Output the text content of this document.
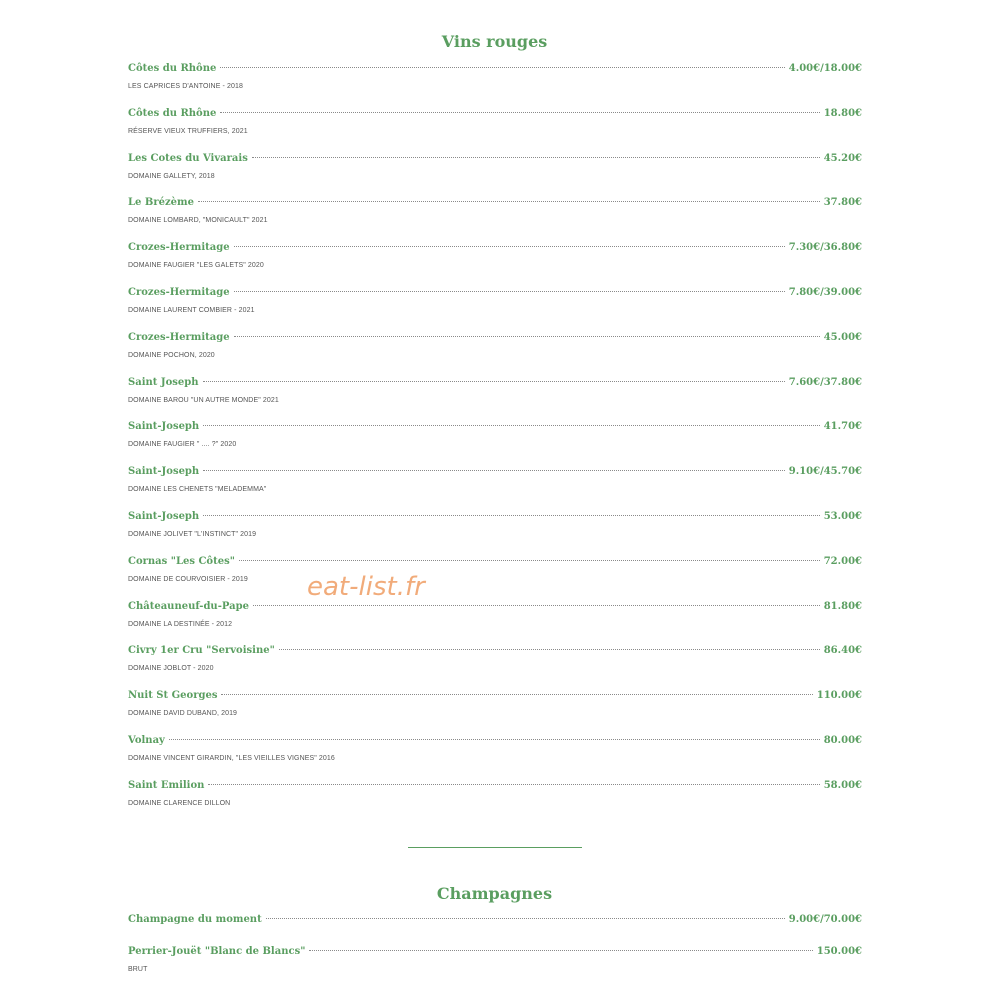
Vins rouges
Côtes du Rhône	4.00€/18.00€
LES CAPRICES D'ANTOINE - 2018
Côtes du Rhône	18.80€
RÉSERVE VIEUX TRUFFIERS, 2021
Les Cotes du Vivarais	45.20€
DOMAINE GALLETY, 2018
Le Brézème	37.80€
DOMAINE LOMBARD, "MONICAULT" 2021
Crozes-Hermitage	7.30€/36.80€
DOMAINE FAUGIER "LES GALETS" 2020
Crozes-Hermitage	7.80€/39.00€
DOMAINE LAURENT COMBIER - 2021
Crozes-Hermitage	45.00€
DOMAINE POCHON, 2020
Saint Joseph	7.60€/37.80€
DOMAINE BAROU "UN AUTRE MONDE" 2021
Saint-Joseph	41.70€
DOMAINE FAUGIER " .... ?" 2020
Saint-Joseph	9.10€/45.70€
DOMAINE LES CHENETS "MELADEMMA"
Saint-Joseph	53.00€
DOMAINE JOLIVET "L'INSTINCT" 2019
Cornas "Les Côtes"	72.00€
DOMAINE DE COURVOISIER - 2019
Châteauneuf-du-Pape	81.80€
DOMAINE LA DESTINÉE - 2012
Civry 1er Cru "Servoisine"	86.40€
DOMAINE JOBLOT - 2020
Nuit St Georges	110.00€
DOMAINE DAVID DUBAND, 2019
Volnay	80.00€
DOMAINE VINCENT GIRARDIN, "LES VIEILLES VIGNES" 2016
Saint Emilion	58.00€
DOMAINE CLARENCE DILLON
eat-list.fr
Champagnes
Champagne du moment	9.00€/70.00€
Perrier-Jouët "Blanc de Blancs"	150.00€
BRUT
